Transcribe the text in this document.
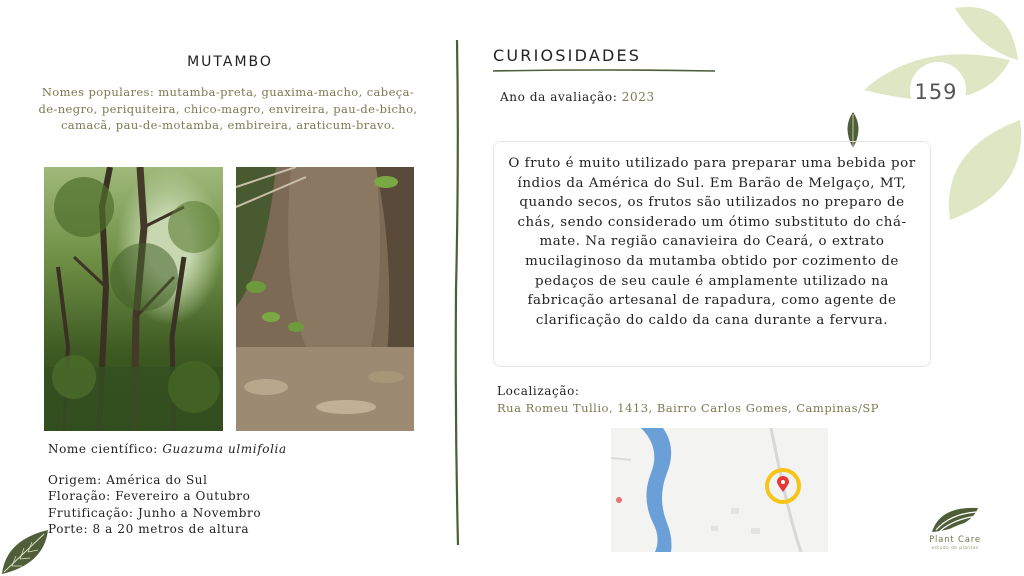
MUTAMBO
Nomes populares: mutamba-preta, guaxima-macho, cabeça-de-negro, periquiteira, chico-magro, envireira, pau-de-bicho, camacã, pau-de-motamba, embireira, araticum-bravo.
Nome científico: Guazuma ulmifolia
Origem: América do Sul
Floração: Fevereiro a Outubro
Frutificação: Junho a Novembro
Porte: 8 a 20 metros de altura
CURIOSIDADES
Ano da avaliação: 2023
O fruto é muito utilizado para preparar uma bebida por índios da América do Sul. Em Barão de Melgaço, MT, quando secos, os frutos são utilizados no preparo de chás, sendo considerado um ótimo substituto do chá-mate. Na região canavieira do Ceará, o extrato mucilaginoso da mutamba obtido por cozimento de pedaços de seu caule é amplamente utilizado na fabricação artesanal de rapadura, como agente de clarificação do caldo da cana durante a fervura.
Localização:
Rua Romeu Tullio, 1413, Bairro Carlos Gomes, Campinas/SP
159
Plant Care
estudo de plantas
